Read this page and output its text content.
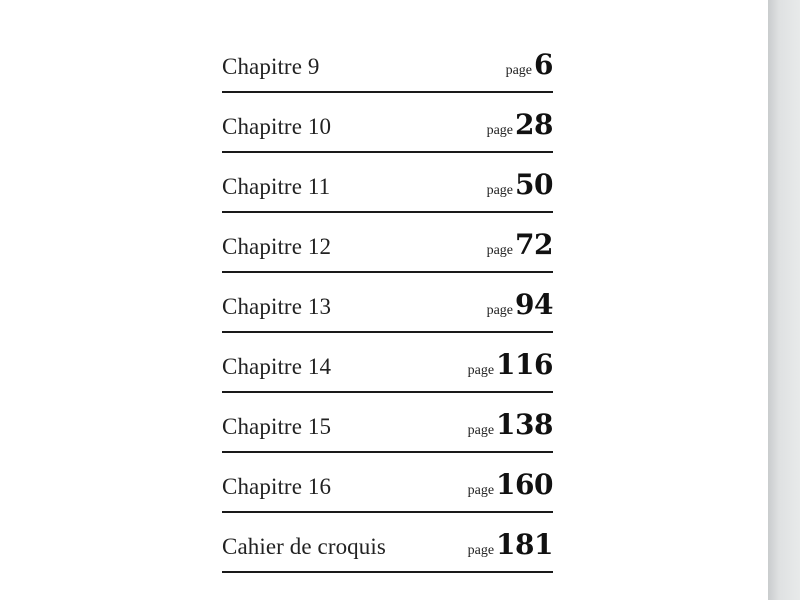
Chapitre 9	page6
Chapitre 10	page28
Chapitre 11	page50
Chapitre 12	page72
Chapitre 13	page94
Chapitre 14	page116
Chapitre 15	page138
Chapitre 16	page160
Cahier de croquis	page181
